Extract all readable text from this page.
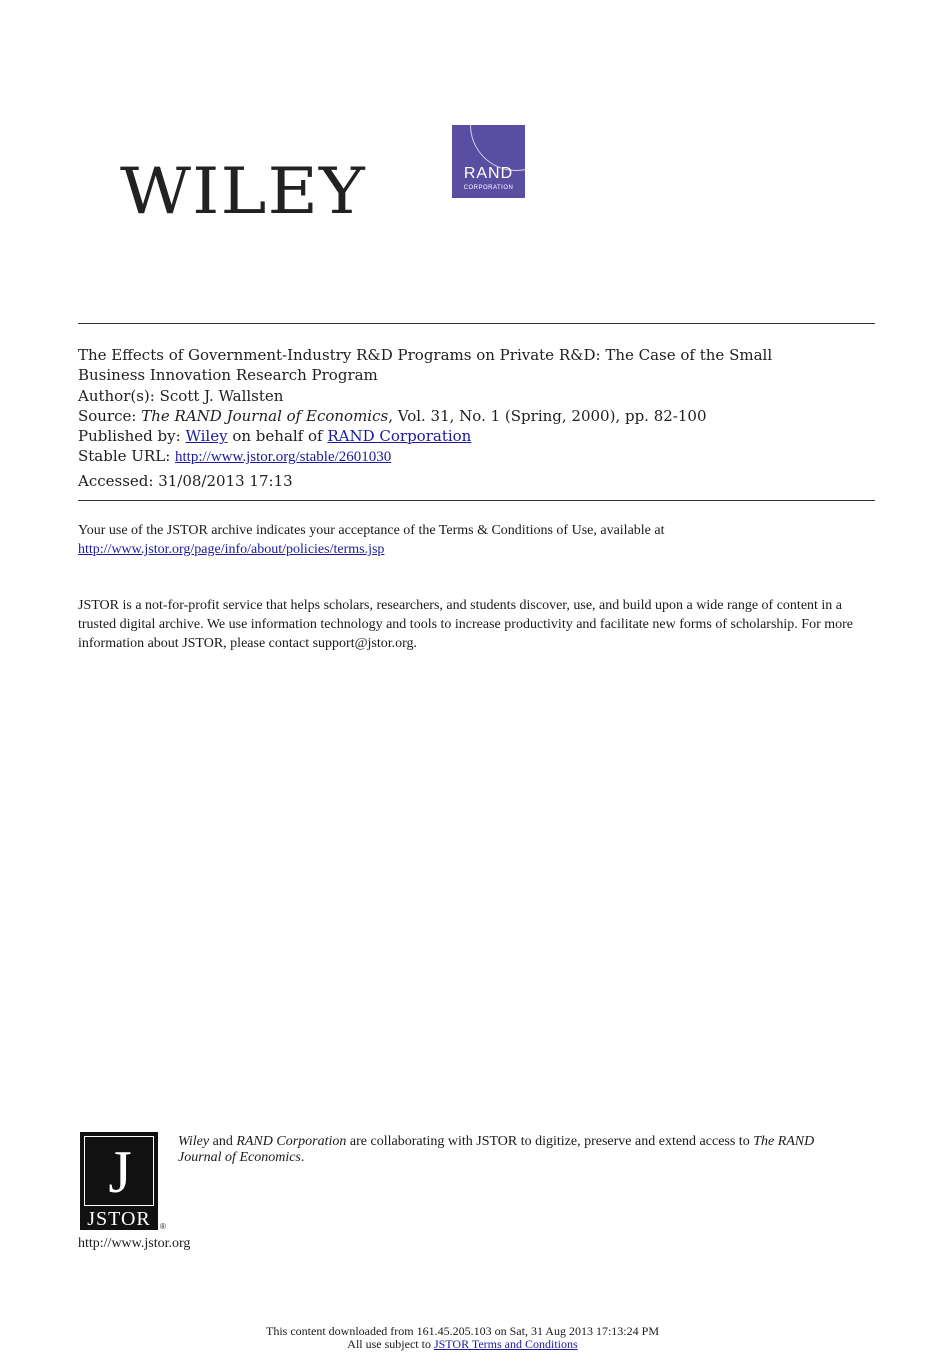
WILEY	RAND
CORPORATION
The Effects of Government-Industry R&D Programs on Private R&D: The Case of the Small
Business Innovation Research Program
Author(s): Scott J. Wallsten
Source: The RAND Journal of Economics, Vol. 31, No. 1 (Spring, 2000), pp. 82-100
Published by: Wiley on behalf of RAND Corporation
Stable URL: http://www.jstor.org/stable/2601030
Accessed: 31/08/2013 17:13
Your use of the JSTOR archive indicates your acceptance of the Terms & Conditions of Use, available at
http://www.jstor.org/page/info/about/policies/terms.jsp
JSTOR is a not-for-profit service that helps scholars, researchers, and students discover, use, and build upon a wide range of content in a trusted digital archive. We use information technology and tools to increase productivity and facilitate new forms of scholarship. For more information about JSTOR, please contact support@jstor.org.
J
JSTOR	®
Wiley and RAND Corporation are collaborating with JSTOR to digitize, preserve and extend access to The RAND Journal of Economics.
http://www.jstor.org
This content downloaded from 161.45.205.103 on Sat, 31 Aug 2013 17:13:24 PM
All use subject to JSTOR Terms and Conditions
